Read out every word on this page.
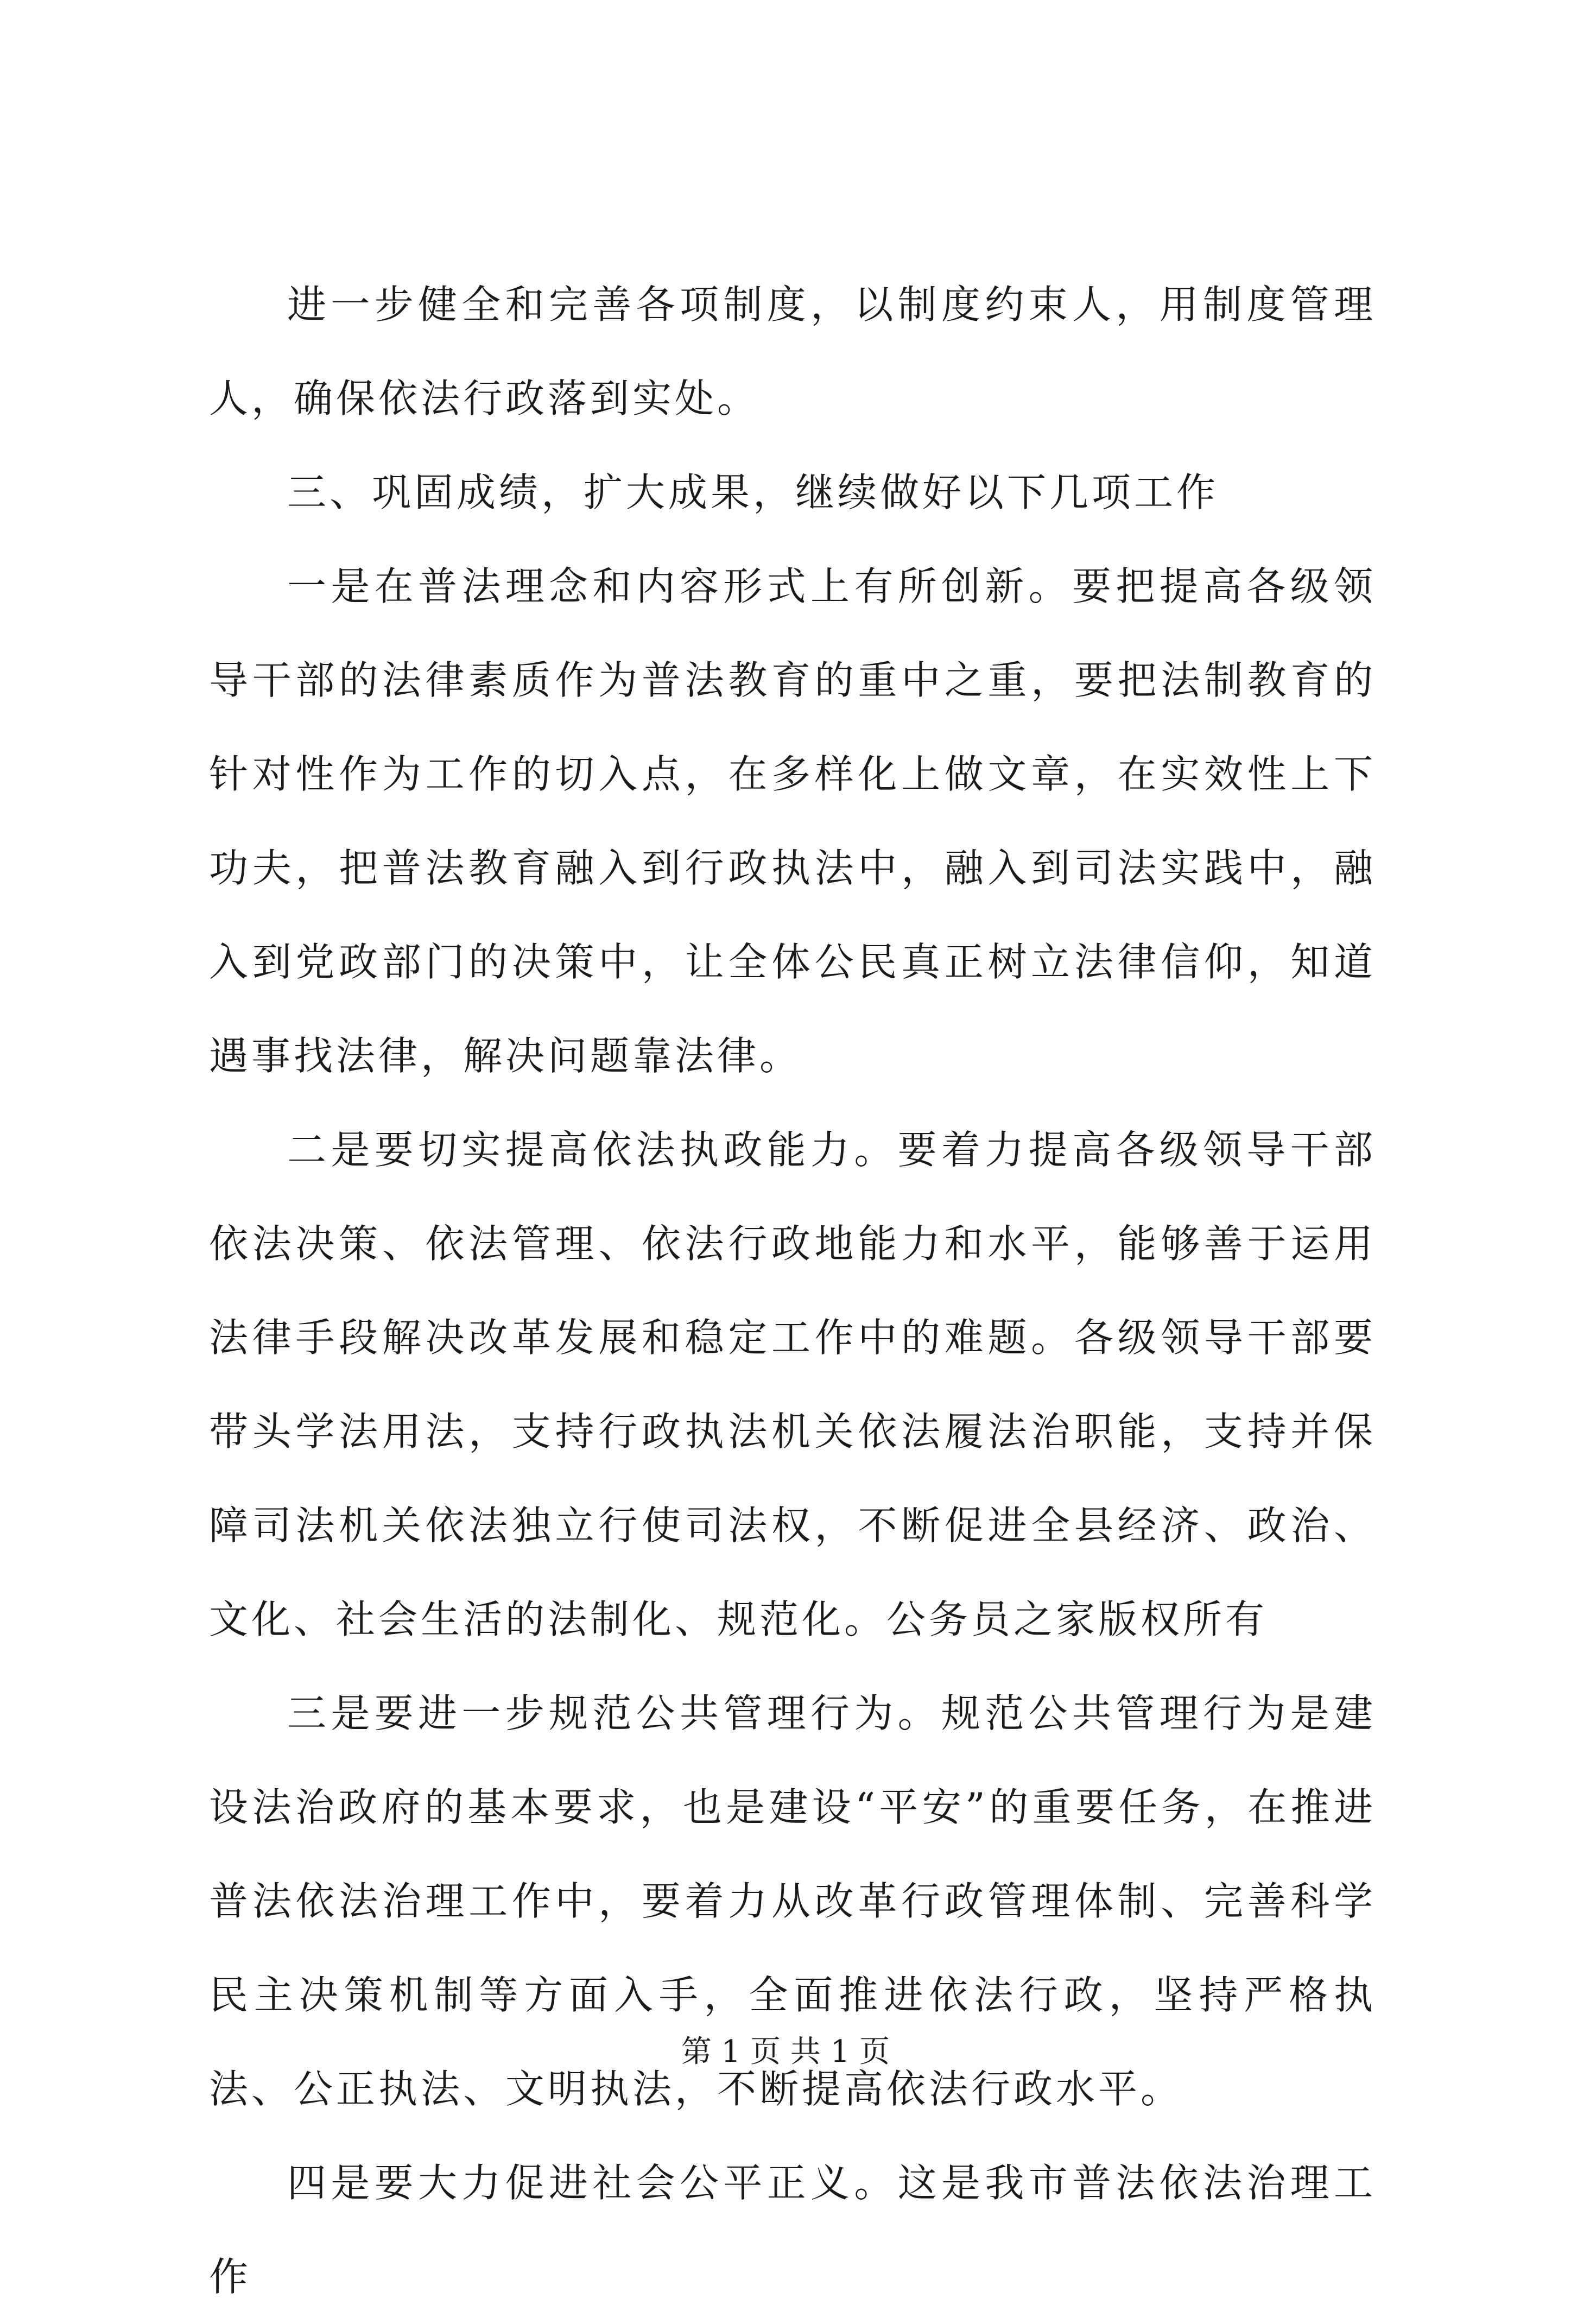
进一步健全和完善各项制度，以制度约束人，用制度管理人，确保依法行政落到实处。

三、巩固成绩，扩大成果，继续做好以下几项工作

一是在普法理念和内容形式上有所创新。要把提高各级领导干部的法律素质作为普法教育的重中之重，要把法制教育的针对性作为工作的切入点，在多样化上做文章，在实效性上下功夫，把普法教育融入到行政执法中，融入到司法实践中，融入到党政部门的决策中，让全体公民真正树立法律信仰，知道遇事找法律，解决问题靠法律。

二是要切实提高依法执政能力。要着力提高各级领导干部依法决策、依法管理、依法行政地能力和水平，能够善于运用法律手段解决改革发展和稳定工作中的难题。各级领导干部要带头学法用法，支持行政执法机关依法履法治职能，支持并保障司法机关依法独立行使司法权，不断促进全县经济、政治、文化、社会生活的法制化、规范化。公务员之家版权所有

三是要进一步规范公共管理行为。规范公共管理行为是建设法治政府的基本要求，也是建设“平安”的重要任务，在推进普法依法治理工作中，要着力从改革行政管理体制、完善科学民主决策机制等方面入手，全面推进依法行政，坚持严格执法、公正执法、文明执法，不断提高依法行政水平。

四是要大力促进社会公平正义。这是我市普法依法治理工作

第 1 页 共 1 页
